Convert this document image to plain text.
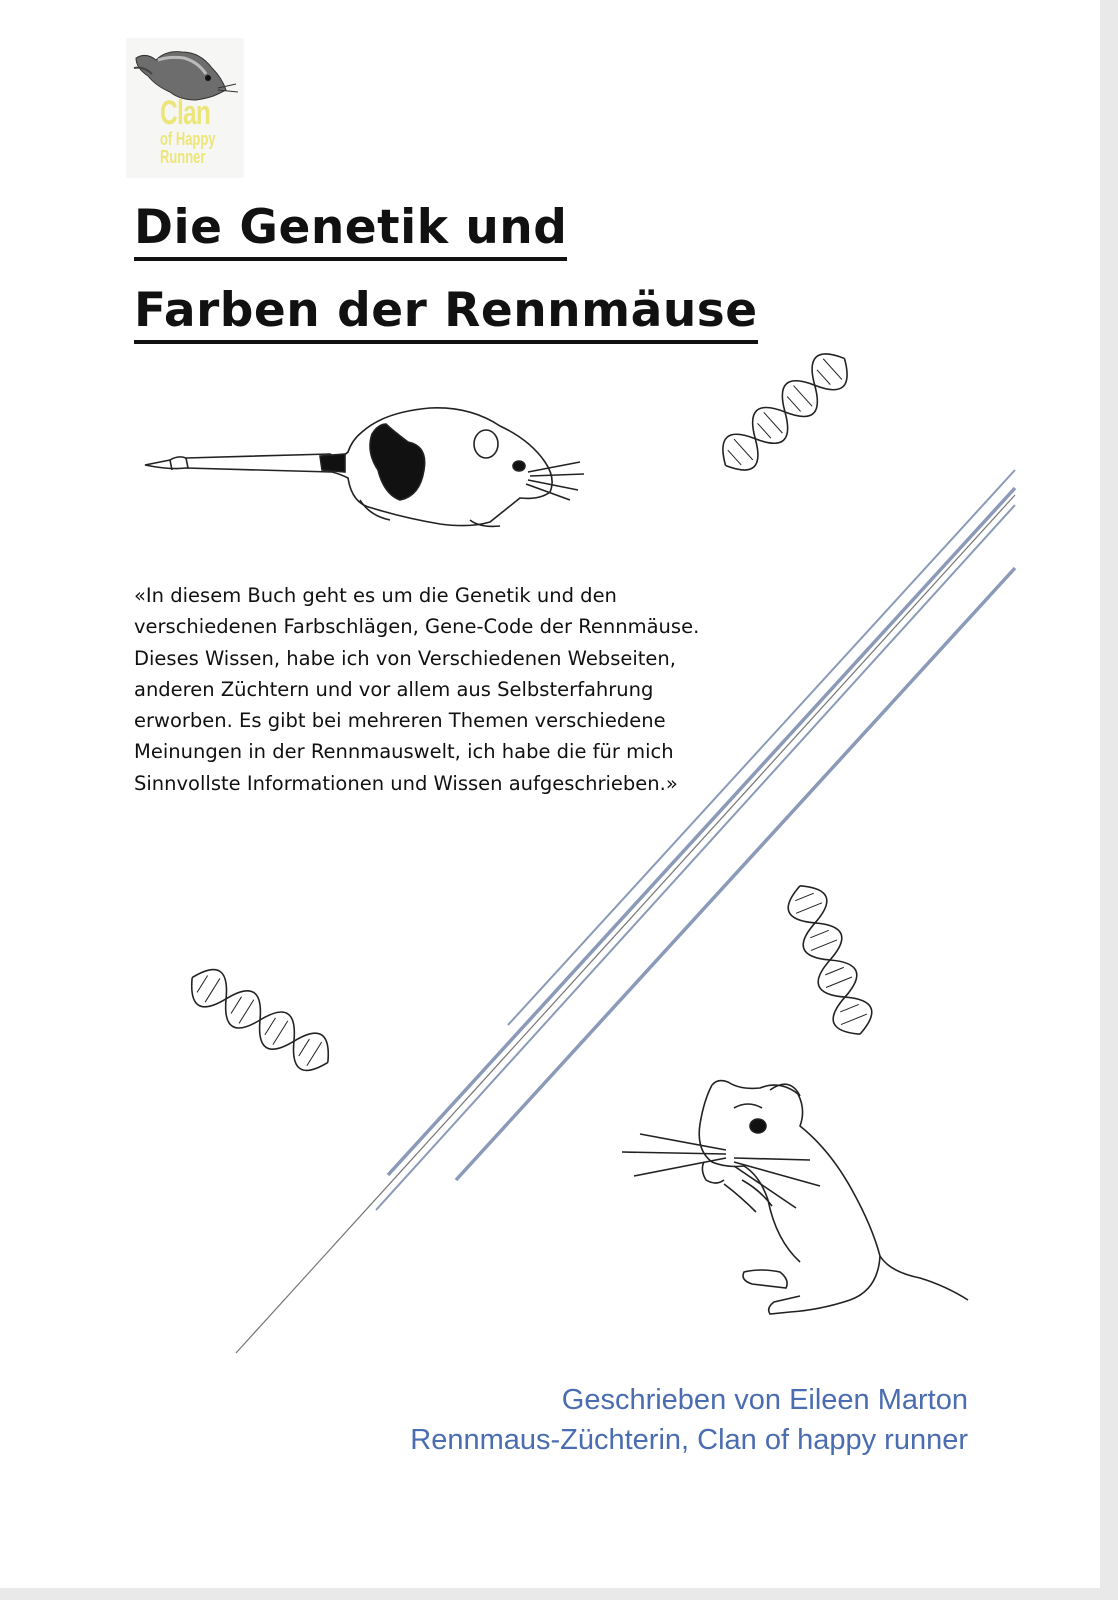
Clan
of Happy
Runner
Die Genetik und
Farben der Rennmäuse

«In diesem Buch geht es um die Genetik und den verschiedenen Farbschlägen, Gene-Code der Rennmäuse.

Dieses Wissen, habe ich von Verschiedenen Webseiten, anderen Züchtern und vor allem aus Selbsterfahrung erworben. Es gibt bei mehreren Themen verschiedene Meinungen in der Rennmauswelt, ich habe die für mich Sinnvollste Informationen und Wissen aufgeschrieben.»

Geschrieben von Eileen Marton
Rennmaus-Züchterin, Clan of happy runner
